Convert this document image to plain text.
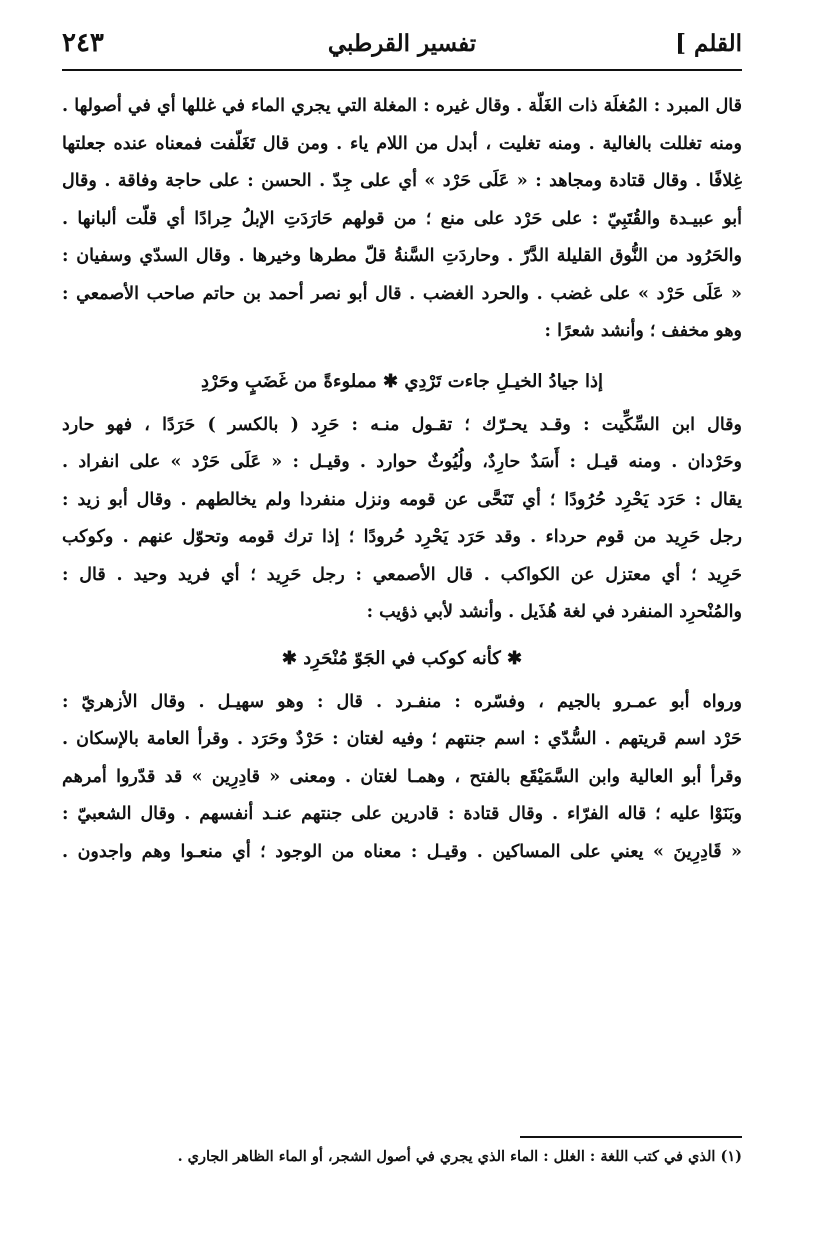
القلم ]
تفسير القرطبي
٢٤٣
قال المبرد : المُغلَة ذات الغَلّة . وقال غيره : المغلة التي يجري الماء في غللها أي في أصولها .
ومنه تغللت بالغالية . ومنه تغليت ، أبدل من اللام ياء . ومن قال تَغَلّفت فمعناه عنده جعلتها
غِلافًا . وقال قتادة ومجاهد : « عَلَى حَرْد » أي على جِدّ . الحسن : على حاجة وفاقة . وقال
أبو عبيـدة والقُتَبِيّ : على حَرْد على منع ؛ من قولهم حَارَدَتِ الإبلُ حِرادًا أي قلّت ألبانها .
والحَرُود من النُّوق القليلة الدَّرّ . وحاردَتِ السَّنةُ قلّ مطرها وخيرها . وقال السدّي وسفيان :
« عَلَى حَرْد » على غضب . والحرد الغضب . قال أبو نصر أحمد بن حاتم صاحب الأصمعي :
وهو مخفف ؛ وأنشد شعرًا :
إذا جيادُ الخيـلِ جاءت تَرْدِي ✱ مملوءةً من غَضَبٍ وحَرْدِ
وقال ابن السِّكِّيت : وقـد يحـرّك ؛ تقـول منـه : حَرِد ( بالكسر ) حَرَدًا ، فهو حارد
وحَرْدان . ومنه قيـل : أَسَدٌ حارِدٌ، ولُيُوثٌ حوارد . وقيـل : « عَلَى حَرْد » على انفراد .
يقال : حَرَد يَحْرِد حُرُودًا ؛ أي تَنَحَّى عن قومه ونزل منفردا ولم يخالطهم . وقال أبو زيد :
رجل حَرِيد من قوم حرداء . وقد حَرَد يَحْرِد حُرودًا ؛ إذا ترك قومه وتحوّل عنهم . وكوكب
حَرِيد ؛ أي معتزل عن الكواكب . قال الأصمعي : رجل حَرِيد ؛ أي فريد وحيد . قال :
والمُنْحرِد المنفرد في لغة هُذَيل . وأنشد لأبي ذؤيب :
✱ كأنه كوكب في الجَوّ مُنْحَرِد ✱
ورواه أبو عمـرو بالجيم ، وفسّره : منفـرد . قال : وهو سهيـل . وقال الأزهريّ :
حَرْد اسم قريتهم . السُّدّي : اسم جنتهم ؛ وفيه لغتان : حَرْدٌ وحَرَد . وقرأ العامة بالإسكان .
وقرأ أبو العالية وابن السَّمَيْقَع بالفتح ، وهمـا لغتان . ومعنى « قادِرِين » قد قدّروا أمرهم
وبَنَوْا عليه ؛ قاله الفرّاء . وقال قتادة : قادرين على جنتهم عنـد أنفسهم . وقال الشعبيّ :
« قَادِرِينَ » يعني على المساكين . وقيـل : معناه من الوجود ؛ أي منعـوا وهم واجدون .
(١) الذي في كتب اللغة : الغلل : الماء الذي يجري في أصول الشجر، أو الماء الظاهر الجاري .
